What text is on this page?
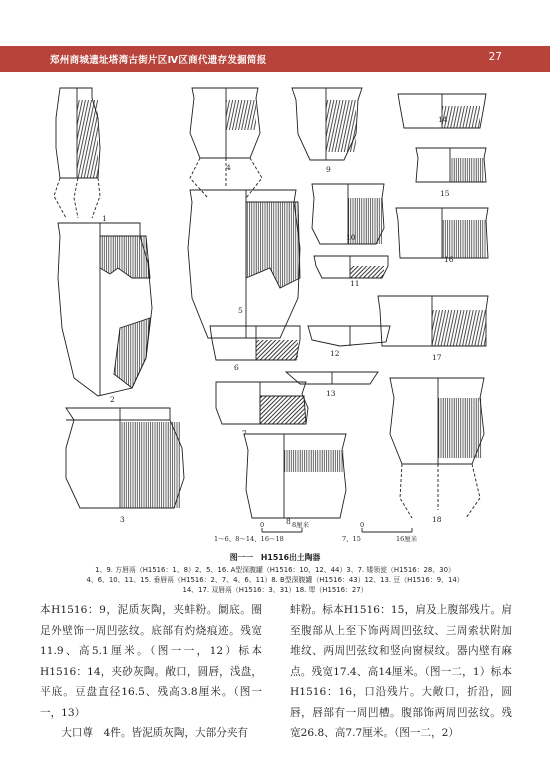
郑州商城遗址塔湾古街片区Ⅳ区商代遗存发掘简报	27
1
2
3
4
5
6
7
8
9
10
11
12
13
14
15
16
17
18
1～6、8～14、16～18
0	8厘米
7、15
0
16厘米
图一一　H1516出土陶器
1、9. 方唇鬲（H1516：1、8）2、5、16. A型深腹罐（H1516：10、12、44）3、7. 矮领瓮（H1516：28、30）
4、6、10、11、15. 垂唇鬲（H1516：2、7、4、6、11）8. B型深腹罐（H1516：43）12、13. 豆（H1516：9、14）
14、17. 双唇鬲（H1516：3、31）18. 斝（H1516：27）

本H1516：9，泥质灰陶，夹蚌粉。阛底。圈足外壁饰一周凹弦纹。底部有灼烧痕迹。残宽11.9、高5.1厘米。（图一一，12）标本H1516：14，夹砂灰陶。敞口，圆唇，浅盘，平底。豆盘直径16.5、残高3.8厘米。（图一一，13）

大口尊　4件。皆泥质灰陶，大部分夹有

蚌粉。标本H1516：15，肩及上腹部残片。肩至腹部从上至下饰两周凹弦纹、三周索状附加堆纹、两周凹弦纹和竖向窗棂纹。器内壁有麻点。残宽17.4、高14厘米。（图一二，1）标本H1516：16，口沿残片。大敞口，折沿，圆唇，唇部有一周凹槽。腹部饰两周凹弦纹。残宽26.8、高7.7厘米。（图一二，2）
